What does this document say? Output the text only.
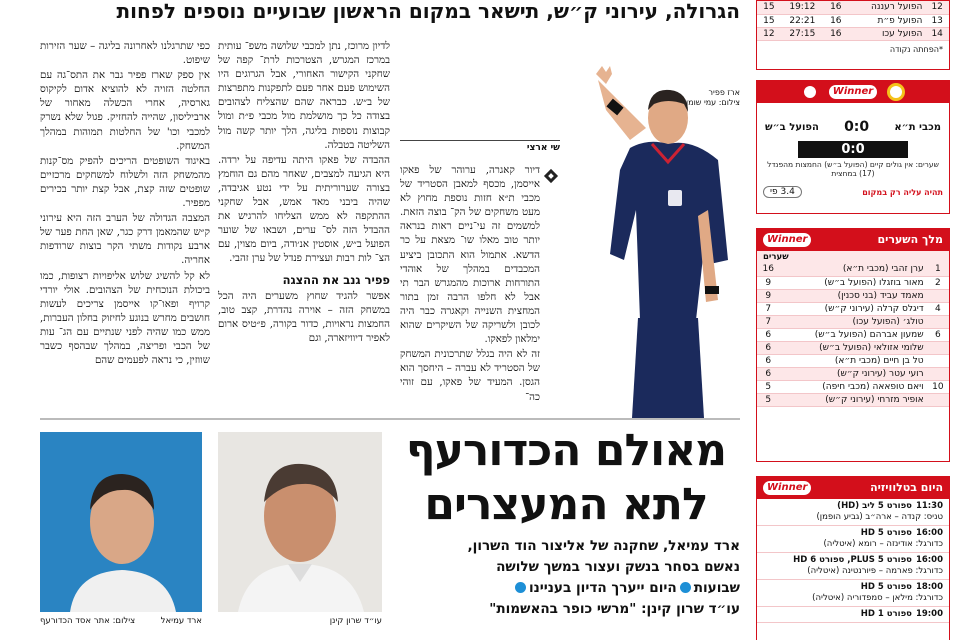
הגרולה, עירוני ק״ש, תישאר במקום הראשון שבועיים נוספים לפחות

כפי שתרגלנו לאחרונה בליגה – שער הזירות שיפוט.

אין ספק שארז פפיר גבר את התס־גה עם החלטה הזויה לא להוציא אדום לקיקוס גארסיה, אחרי הכשלה מאחור של ארביליסון, שהייה להחזיק. פגול שלא נשרק למכבי וכו' של החלטות תמוהות במהלך המשחק.

באיגוד השופטים הריכים להפיק מס־קנות מהמשחק הזה ולשלוח למשחקים מרכזיים שופטים שזה קצת, אבל קצת יותר בכירים מפפיר.

המצבה הגדולה של הערב הזה היא עירוני ק״ש שהמאמן דרק כגר, שאן החת פער של ארבע נקודות משתי הקר בוצות שרודפות אחריה.

לא קל להשיג שלוש אליפויות רצופות, כמו ביכולת הנוכחית של הצהובים. אולי יורדי קרויף ופאו־קו אייסמן צריכים לעשות חושבים מחרש בנוגע לחיזוק בחלון העברות, ממש כמו שהיה לפני שנתיים עם הג־ עות של הכבי ופריצה, במהלך שבהסף כשבר שווזין, כי נראה לפעמים שהם

לדיון מרוכז, נתן למכבי שלושה משפ־ עותית במרכז המגרש, הצטרכות לרת־ קפה של שחקני הקישור האחורי, אבל הגרוגים היו השימוש פעם אחר פעם לתפקנות מתפרצות של ב״ש. כבראה שהם שהצליח לצהובים בצודה כל כך מושלמת מול מכבי פ״ת ומול קבוצות נוספות בליגה, הלך יותר קשה מול השליטה בטבלה.

ההבדה של פאקו היתה עדיפה על ירדה. היא הגיעה למצבים, שאחר מהם גם הוחמץ בצורה שערוריתית על ידי נטע אגיבדה, שהיה ביבני מאד אמש, אבל שחקני ההתקפה לא ממש הצליחו להרגיש את ההבדל הזה לס־ ערים, ושבאו של שוער הפועל ב״ש, אוסטין אנ׳ודה, ביום מצוין, עם הצ־ לות רבות ועצירת פנדל של ערן זהבי.

פפיר גנב את ההצגה

אפשר להגיד שחוץ משערים היה הכל במשחק הזה – אוירה נהדרת, קצב טוב, החמצות נראויות, כדור בקורה, פ״טיס ארום לאפיר דיוויזארה, וגם

שי ארצי

דיור קאגרה, ערוהר של פאקו אייסמן, מכסף למאבן הסטריד של מכבי ת״א חזות נוספת מחוץ לא מעט משחקים של הק־ בוצה הזאת. למשמים זה עי־ניים ראות בנראה יותר טוב מאלו שו־ מצאת על כר הדשא. אתמול הוא התכובן ביציע המכבדים במהלך של אוהדי התורחות ארוכות מהמגרש הבר תי אבל לא חלפו הרבה זמן בתור המחצית השנייה וקאגרה כבר היה לכובן ולשריקה של השיקרים שהוא ימלאון לפאקו.

זה לא היה בגלל שתרכונית המשחק של הסטריד לא עברה – היחסך הוא הגסן. המעיד של פאקו, עם זוהי כה־

ארז פפיר
צילום: עמי שומן
מאולם הכדורעף
לתא המעצרים
ארד עמיאל, שחקנה של אליצור הוד השרון,
נאשם בסחר בנשק ועצור במשך שלושה
שבועותהיום ייערך הדיון בעניינו
עו״ד שרון קינן: "מרשי כופר בהאשמות"
עו״ד שרון קינן
ארד עמיאל
צילום: אתר אסד הכדורעף
12	הפועל רעננה	16	19:12	15
13	הפועל פ״ת	16	22:21	15
14	הפועל עכו	16	27:15	12
*הפחתה נקודה
Winner
מכבי ת״א
0:0
הפועל ב״ש
0:0
שערים: אין גולים קיים (הפועל ב״ש) החמצות מהפנדל (17) במחצית
תהיה עליה רק במקום
3.4 פי
מלך השערים
Winner
שערים
1	ערן זהבי (מכבי ת״א)	16
2	מאור בוזגלו (הפועל ב״ש)	9
	מאמד עביד (בני סכנין)	9
4	דיגלס קרלה (עירוני ק״ש)	7
	טולג׳ (הפועל עכו)	7
6	שמעון אברהם (הפועל ב״ש)	6
	שלומי אזולאי (הפועל ב״ש)	6
	טל בן חיים (מכבי ת״א)	6
	רועי עטר (עירוני ק״ש)	6
10	ויאם טופאאה (מכבי חיפה)	5
	אופיר מזרחי (עירוני ק״ש)	5
היום בטלוויזיה
Winner
11:30ספורט 5 ליב (HD)
טניס: קנדה – ארה״ב (גביע הופמן)
16:00ספורט 5 HD
כדורגל: אודינזה – רומא (איטליה)
16:00ספורט 5 PLUS, ספורט 6 HD
כדורגל: פארמה – פיורנטינה (איטליה)
18:00ספורט 5 HD
כדורגל: מילאן – סמפדוריה (איטליה)
19:00ספורט 1 HD
